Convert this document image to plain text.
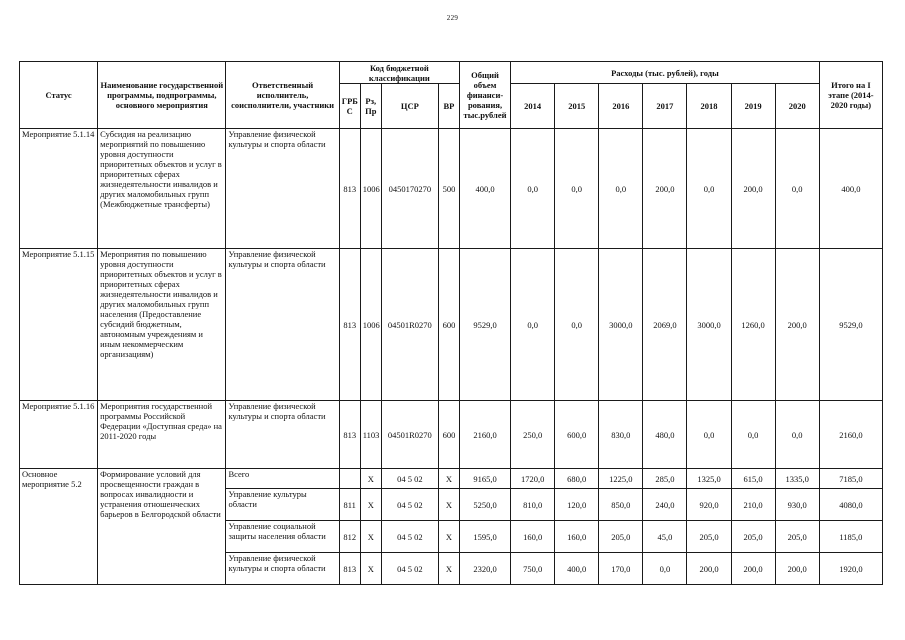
229
Статус	Наименование государственной программы, подпрограммы, основного мероприятия	Ответственный исполнитель, соисполнители, участники	Код бюджетной классификации				Общий объем финанси-рования, тыс.рублей	Расходы (тыс. рублей), годы							Итого на I этапе (2014-2020 годы)
			ГРБ С	Рз, Пр	ЦСР	ВР		2014	2015	2016	2017	2018	2019	2020	
Мероприятие 5.1.14	Субсидия на реализацию мероприятий по повышению уровня доступности приоритетных объектов и услуг в приоритетных сферах жизнедеятельности инвалидов и других маломобильных групп (Межбюджетные трансферты)	Управление физической культуры и спорта области	813	1006	0450170270	500	400,0	0,0	0,0	0,0	200,0	0,0	200,0	0,0	400,0
Мероприятие 5.1.15	Мероприятия по повышению уровня доступности приоритетных объектов и услуг в приоритетных сферах жизнедеятельности инвалидов и других маломобильных групп населения (Предоставление субсидий бюджетным, автономным учреждениям и иным некоммерческим организациям)	Управление физической культуры и спорта области	813	1006	04501R0270	600	9529,0	0,0	0,0	3000,0	2069,0	3000,0	1260,0	200,0	9529,0
Мероприятие 5.1.16	Мероприятия государственной программы Российской Федерации «Доступная среда» на 2011-2020 годы	Управление физической культуры и спорта области	813	1103	04501R0270	600	2160,0	250,0	600,0	830,0	480,0	0,0	0,0	0,0	2160,0
Основное мероприятие 5.2	Формирование условий для просвещенности граждан в вопросах инвалидности и устранения отношенческих барьеров в Белгородской области	Всего		X	04 5 02	X	9165,0	1720,0	680,0	1225,0	285,0	1325,0	615,0	1335,0	7185,0
		Управление культуры области	811	X	04 5 02	X	5250,0	810,0	120,0	850,0	240,0	920,0	210,0	930,0	4080,0
		Управление социальной защиты населения области	812	X	04 5 02	X	1595,0	160,0	160,0	205,0	45,0	205,0	205,0	205,0	1185,0
		Управление физической культуры и спорта области	813	X	04 5 02	X	2320,0	750,0	400,0	170,0	0,0	200,0	200,0	200,0	1920,0
